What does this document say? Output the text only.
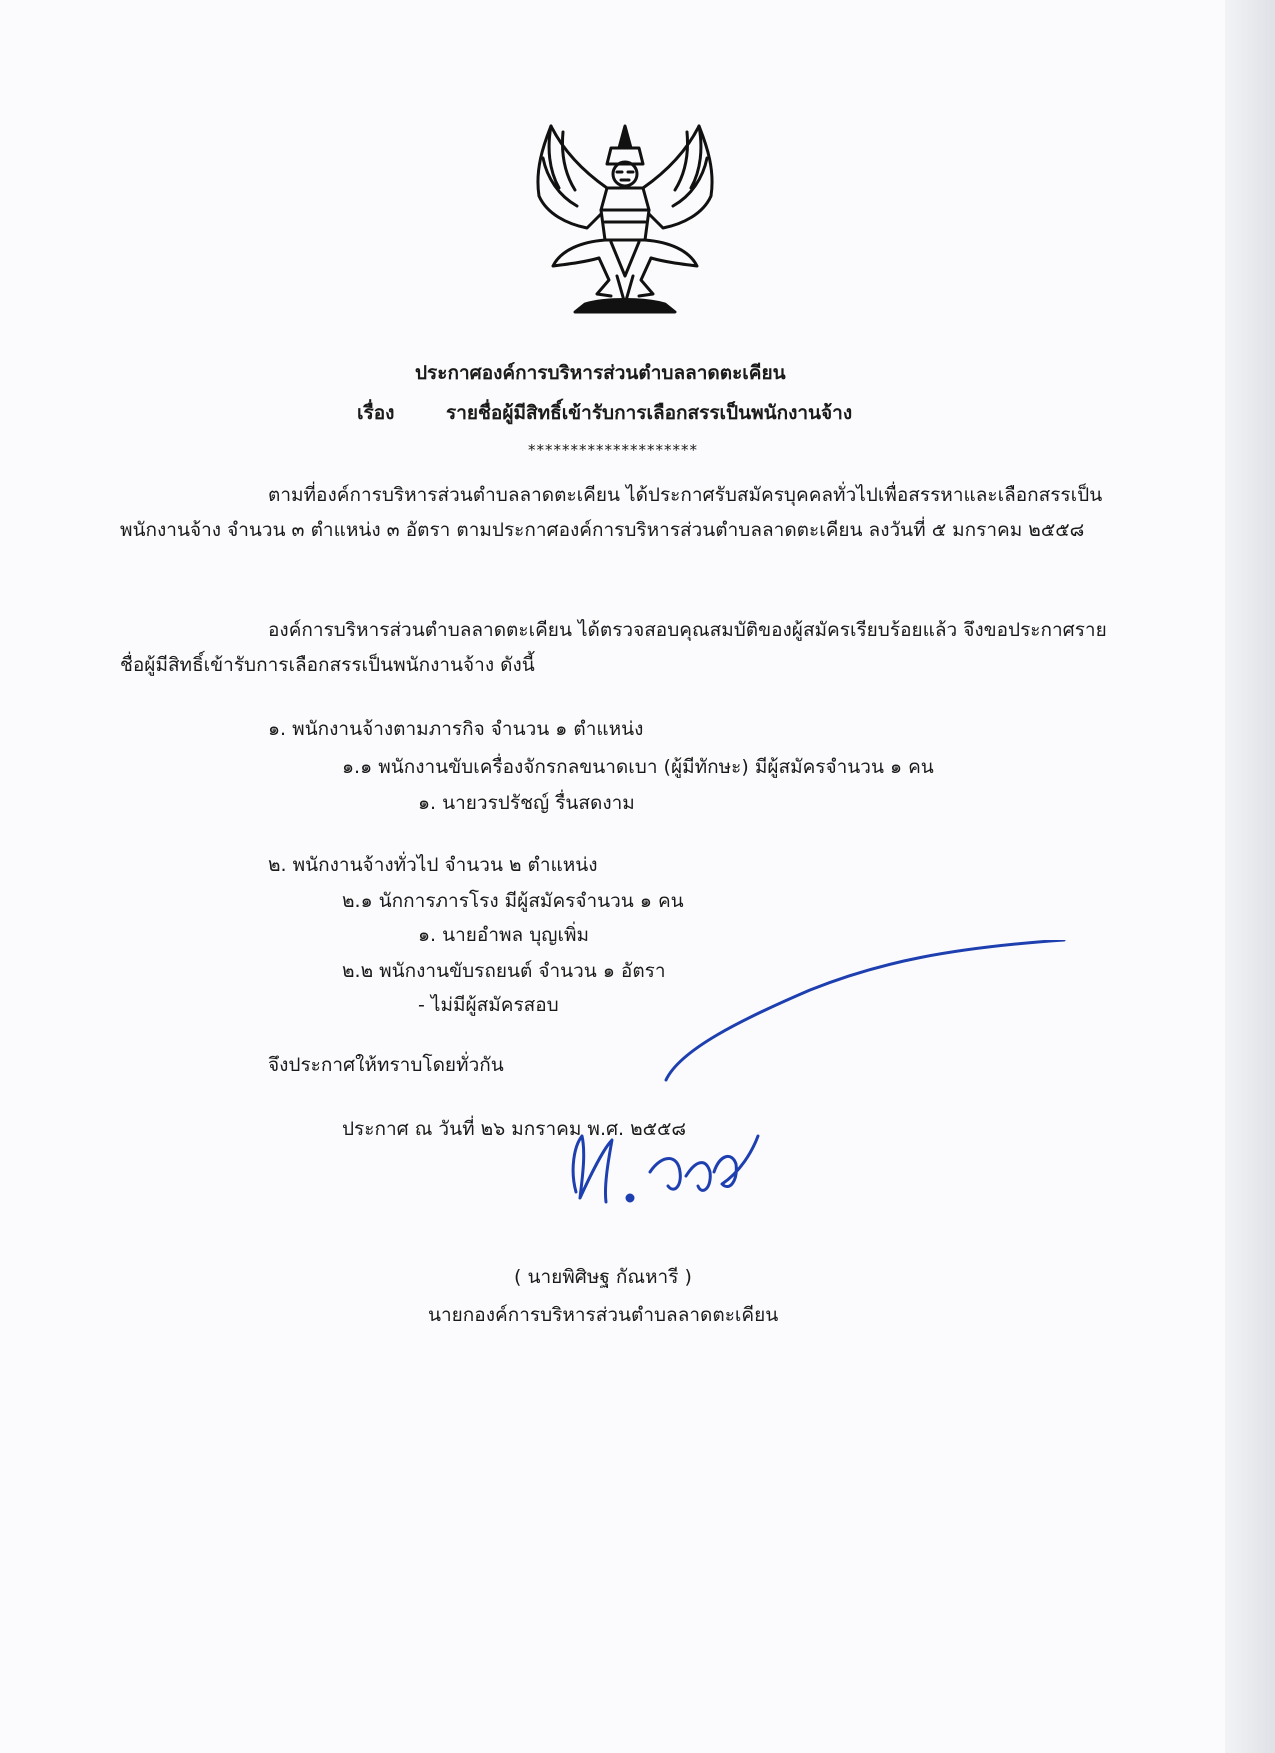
ประกาศองค์การบริหารส่วนตำบลลาดตะเคียน
เรื่อง	รายชื่อผู้มีสิทธิ์เข้ารับการเลือกสรรเป็นพนักงานจ้าง
********************
ตามที่องค์การบริหารส่วนตำบลลาดตะเคียน ได้ประกาศรับสมัครบุคคลทั่วไปเพื่อสรรหาและเลือกสรรเป็นพนักงานจ้าง จำนวน ๓ ตำแหน่ง ๓ อัตรา ตามประกาศองค์การบริหารส่วนตำบลลาดตะเคียน ลงวันที่ ๕ มกราคม ๒๕๕๘
องค์การบริหารส่วนตำบลลาดตะเคียน ได้ตรวจสอบคุณสมบัติของผู้สมัครเรียบร้อยแล้ว จึงขอประกาศรายชื่อผู้มีสิทธิ์เข้ารับการเลือกสรรเป็นพนักงานจ้าง ดังนี้
๑. พนักงานจ้างตามภารกิจ จำนวน ๑ ตำแหน่ง
๑.๑ พนักงานขับเครื่องจักรกลขนาดเบา (ผู้มีทักษะ) มีผู้สมัครจำนวน ๑ คน
๑. นายวรปรัชญ์ รื่นสดงาม
๒. พนักงานจ้างทั่วไป จำนวน ๒ ตำแหน่ง
๒.๑ นักการภารโรง มีผู้สมัครจำนวน ๑ คน
๑. นายอำพล บุญเพิ่ม
๒.๒ พนักงานขับรถยนต์ จำนวน ๑ อัตรา
- ไม่มีผู้สมัครสอบ
จึงประกาศให้ทราบโดยทั่วกัน
ประกาศ ณ วันที่ ๒๖ มกราคม พ.ศ. ๒๕๕๘
( นายพิศิษฐ กัณหารี )
นายกองค์การบริหารส่วนตำบลลาดตะเคียน
